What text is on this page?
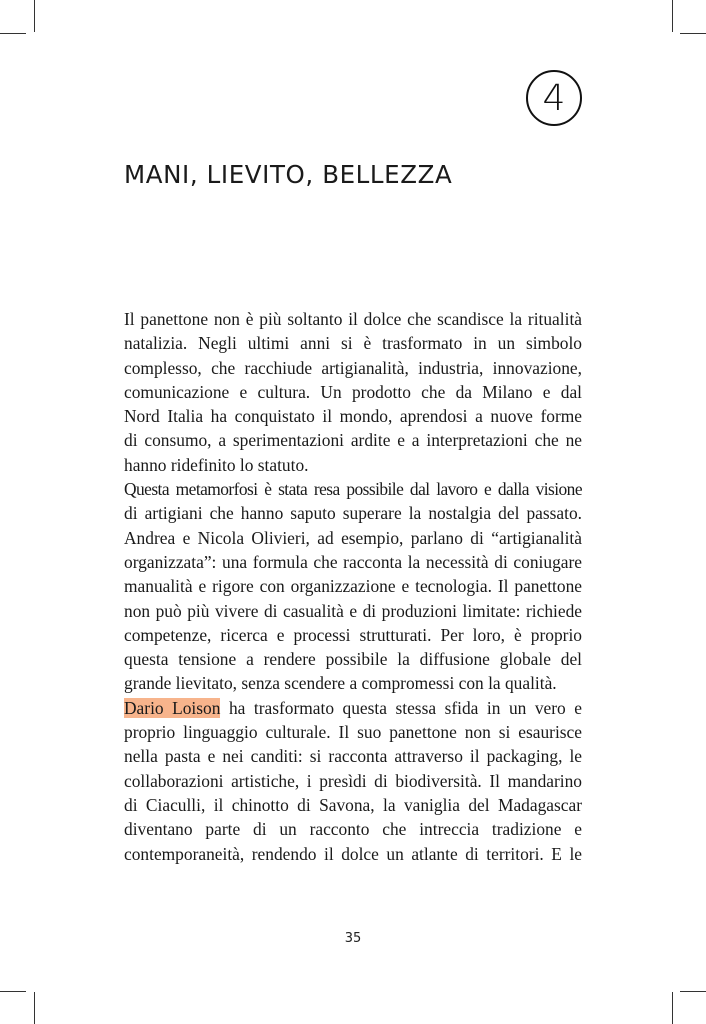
4
MANI, LIEVITO, BELLEZZA
Il panettone non è più soltanto il dolce che scandisce la ritualità
natalizia. Negli ultimi anni si è trasformato in un simbolo
complesso, che racchiude artigianalità, industria, innovazione,
comunicazione e cultura. Un prodotto che da Milano e dal
Nord Italia ha conquistato il mondo, aprendosi a nuove forme
di consumo, a sperimentazioni ardite e a interpretazioni che ne
hanno ridefinito lo statuto.
Questa metamorfosi è stata resa possibile dal lavoro e dalla visione
di artigiani che hanno saputo superare la nostalgia del passato.
Andrea e Nicola Olivieri, ad esempio, parlano di “artigianalità
organizzata”: una formula che racconta la necessità di coniugare
manualità e rigore con organizzazione e tecnologia. Il panettone
non può più vivere di casualità e di produzioni limitate: richiede
competenze, ricerca e processi strutturati. Per loro, è proprio
questa tensione a rendere possibile la diffusione globale del
grande lievitato, senza scendere a compromessi con la qualità.
Dario Loison ha trasformato questa stessa sfida in un vero e
proprio linguaggio culturale. Il suo panettone non si esaurisce
nella pasta e nei canditi: si racconta attraverso il packaging, le
collaborazioni artistiche, i presìdi di biodiversità. Il mandarino
di Ciaculli, il chinotto di Savona, la vaniglia del Madagascar
diventano parte di un racconto che intreccia tradizione e
contemporaneità, rendendo il dolce un atlante di territori. E le
35
